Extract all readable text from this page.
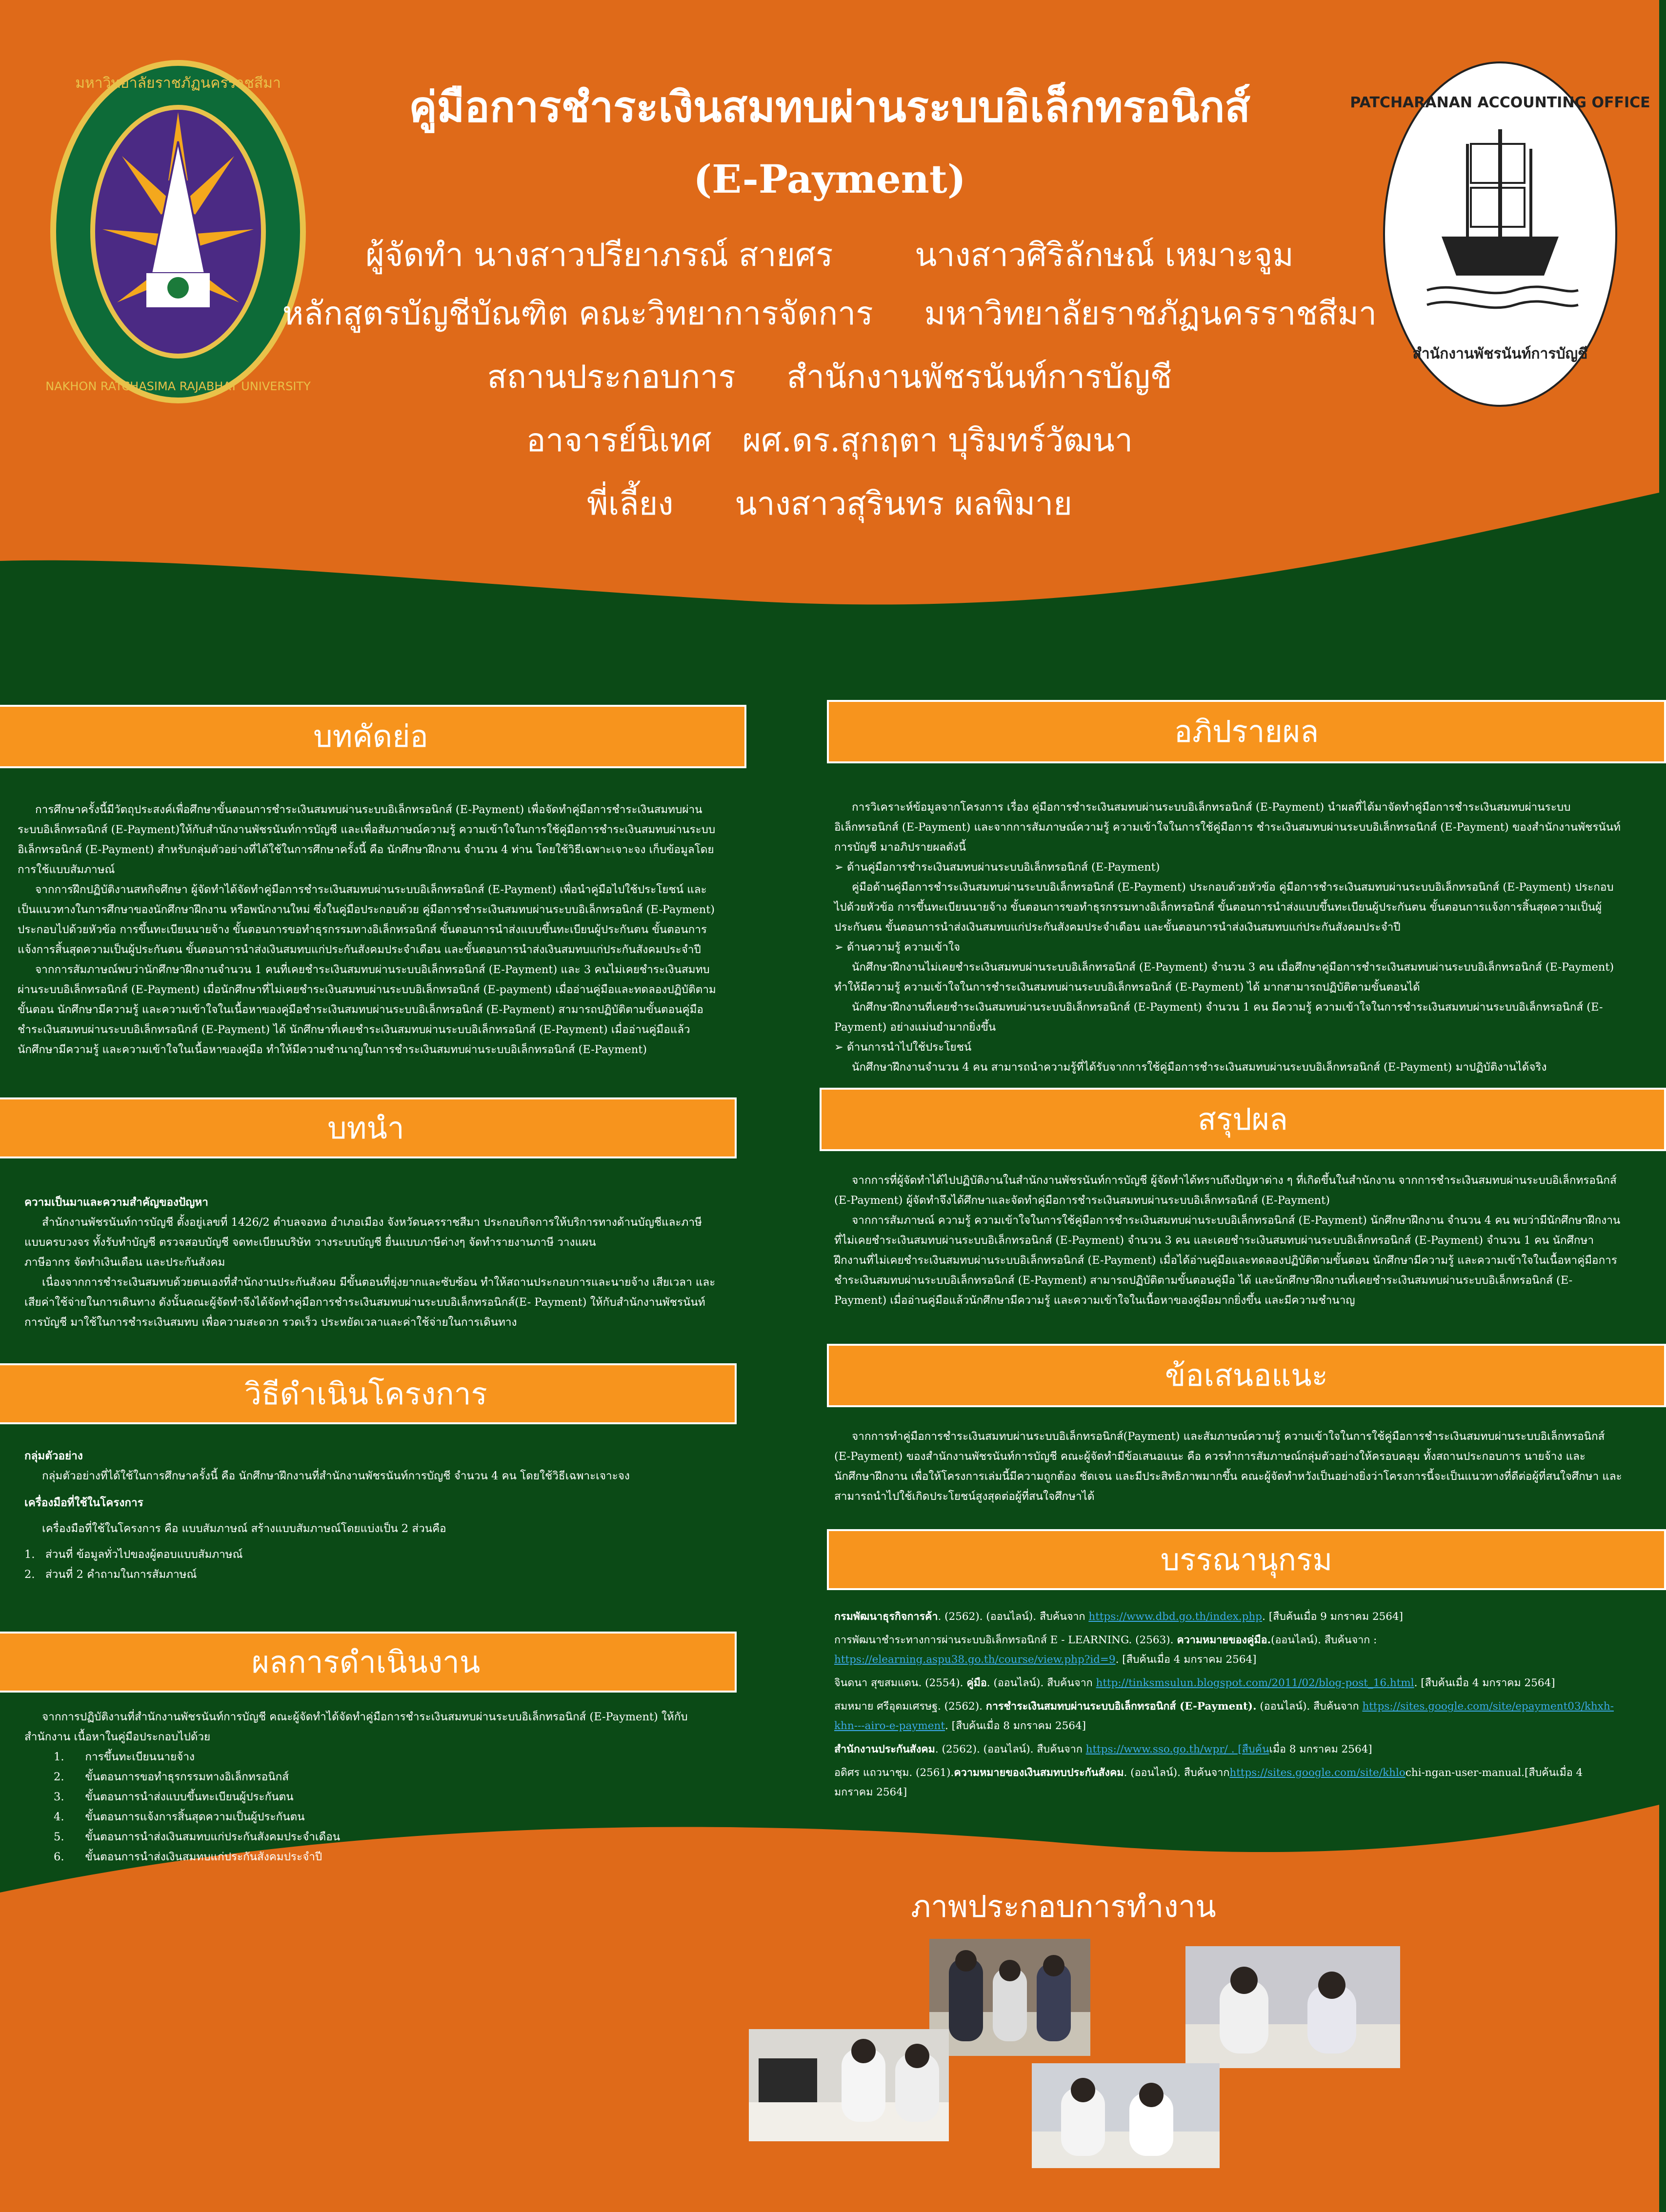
มหาวิทยาลัยราชภัฏนครราชสีมา
NAKHON RATCHASIMA RAJABHAT UNIVERSITY
PATCHARANAN ACCOUNTING OFFICE
สำนักงานพัชรนันท์การบัญชี
คู่มือการชำระเงินสมทบผ่านระบบอิเล็กทรอนิกส์
(E-Payment)
ผู้จัดทำ นางสาวปรียาภรณ์ สายศร        นางสาวศิริลักษณ์ เหมาะจูม
หลักสูตรบัญชีบัณฑิต คณะวิทยาการจัดการ     มหาวิทยาลัยราชภัฏนครราชสีมา
สถานประกอบการ     สำนักงานพัชรนันท์การบัญชี
อาจารย์นิเทศ   ผศ.ดร.สุกฤตา บุริมทร์วัฒนา
พี่เลี้ยง      นางสาวสุรินทร ผลพิมาย
บทคัดย่อ

การศึกษาครั้งนี้มีวัตถุประสงค์เพื่อศึกษาขั้นตอนการชำระเงินสมทบผ่านระบบอิเล็กทรอนิกส์ (E-Payment) เพื่อจัดทำคู่มือการชำระเงินสมทบผ่านระบบอิเล็กทรอนิกส์ (E-Payment)ให้กับสำนักงานพัชรนันท์การบัญชี และเพื่อสัมภาษณ์ความรู้ ความเข้าใจในการใช้คู่มือการชำระเงินสมทบผ่านระบบอิเล็กทรอนิกส์ (E-Payment) สำหรับกลุ่มตัวอย่างที่ได้ใช้ในการศึกษาครั้งนี้ คือ นักศึกษาฝึกงาน จำนวน 4 ท่าน โดยใช้วิธีเฉพาะเจาะจง เก็บข้อมูลโดยการใช้แบบสัมภาษณ์

จากการฝึกปฏิบัติงานสหกิจศึกษา ผู้จัดทำได้จัดทำคู่มือการชำระเงินสมทบผ่านระบบอิเล็กทรอนิกส์ (E-Payment) เพื่อนำคู่มือไปใช้ประโยชน์ และเป็นแนวทางในการศึกษาของนักศึกษาฝึกงาน หรือพนักงานใหม่ ซึ่งในคู่มือประกอบด้วย คู่มือการชำระเงินสมทบผ่านระบบอิเล็กทรอนิกส์ (E-Payment) ประกอบไปด้วยหัวข้อ การขึ้นทะเบียนนายจ้าง ขั้นตอนการขอทำธุรกรรมทางอิเล็กทรอนิกส์ ขั้นตอนการนำส่งแบบขึ้นทะเบียนผู้ประกันตน ขั้นตอนการแจ้งการสิ้นสุดความเป็นผู้ประกันตน ขั้นตอนการนำส่งเงินสมทบแก่ประกันสังคมประจำเดือน และขั้นตอนการนำส่งเงินสมทบแก่ประกันสังคมประจำปี

จากการสัมภาษณ์พบว่านักศึกษาฝึกงานจำนวน 1 คนที่เคยชำระเงินสมทบผ่านระบบอิเล็กทรอนิกส์ (E-Payment) และ 3 คนไม่เคยชำระเงินสมทบผ่านระบบอิเล็กทรอนิกส์ (E-Payment) เมื่อนักศึกษาที่ไม่เคยชำระเงินสมทบผ่านระบบอิเล็กทรอนิกส์ (E-payment) เมื่ออ่านคู่มือและทดลองปฏิบัติตามขั้นตอน นักศึกษามีความรู้ และความเข้าใจในเนื้อหาของคู่มือชำระเงินสมทบผ่านระบบอิเล็กทรอนิกส์ (E-Payment) สามารถปฏิบัติตามขั้นตอนคู่มือชำระเงินสมทบผ่านระบบอิเล็กทรอนิกส์ (E-Payment) ได้ นักศึกษาที่เคยชำระเงินสมทบผ่านระบบอิเล็กทรอนิกส์ (E-Payment) เมื่ออ่านคู่มือแล้วนักศึกษามีความรู้ และความเข้าใจในเนื้อหาของคู่มือ ทำให้มีความชำนาญในการชำระเงินสมทบผ่านระบบอิเล็กทรอนิกส์ (E-Payment)

บทนำ

ความเป็นมาและความสำคัญของปัญหา

สำนักงานพัชรนันท์การบัญชี ตั้งอยู่เลขที่ 1426/2 ตำบลจอหอ อำเภอเมือง จังหวัดนครราชสีมา ประกอบกิจการให้บริการทางด้านบัญชีและภาษีแบบครบวงจร ทั้งรับทำบัญชี ตรวจสอบบัญชี จดทะเบียนบริษัท วางระบบบัญชี ยื่นแบบภาษีต่างๆ จัดทำรายงานภาษี วางแผน

ภาษีอากร จัดทำเงินเดือน และประกันสังคม

เนื่องจากการชำระเงินสมทบด้วยตนเองที่สำนักงานประกันสังคม มีขั้นตอนที่ยุ่งยากและซับซ้อน ทำให้สถานประกอบการและนายจ้าง เสียเวลา และเสียค่าใช้จ่ายในการเดินทาง ดังนั้นคณะผู้จัดทำจึงได้จัดทำคู่มือการชำระเงินสมทบผ่านระบบอิเล็กทรอนิกส์(E- Payment) ให้กับสำนักงานพัชรนันท์การบัญชี มาใช้ในการชำระเงินสมทบ เพื่อความสะดวก รวดเร็ว ประหยัดเวลาและค่าใช้จ่ายในการเดินทาง

วิธีดำเนินโครงการ

กลุ่มตัวอย่าง

กลุ่มตัวอย่างที่ได้ใช้ในการศึกษาครั้งนี้ คือ นักศึกษาฝึกงานที่สำนักงานพัชรนันท์การบัญชี จำนวน 4 คน โดยใช้วิธีเฉพาะเจาะจง

เครื่องมือที่ใช้ในโครงการ

เครื่องมือที่ใช้ในโครงการ คือ แบบสัมภาษณ์ สร้างแบบสัมภาษณ์โดยแบ่งเป็น 2 ส่วนคือ

1.   ส่วนที่ ข้อมูลทั่วไปของผู้ตอบแบบสัมภาษณ์

2.   ส่วนที่ 2 คำถามในการสัมภาษณ์

ผลการดำเนินงาน

จากการปฏิบัติงานที่สำนักงานพัชรนันท์การบัญชี คณะผู้จัดทำได้จัดทำคู่มือการชำระเงินสมทบผ่านระบบอิเล็กทรอนิกส์ (E-Payment) ให้กับสำนักงาน เนื้อหาในคู่มือประกอบไปด้วย

1.      การขึ้นทะเบียนนายจ้าง

2.      ขั้นตอนการขอทำธุรกรรมทางอิเล็กทรอนิกส์

3.      ขั้นตอนการนำส่งแบบขึ้นทะเบียนผู้ประกันตน

4.      ขั้นตอนการแจ้งการสิ้นสุดความเป็นผู้ประกันตน

5.      ขั้นตอนการนำส่งเงินสมทบแก่ประกันสังคมประจำเดือน

6.      ขั้นตอนการนำส่งเงินสมทบแก่ประกันสังคมประจำปี

อภิปรายผล

การวิเคราะห์ข้อมูลจากโครงการ เรื่อง คู่มือการชำระเงินสมทบผ่านระบบอิเล็กทรอนิกส์ (E-Payment) นำผลที่ได้มาจัดทำคู่มือการชำระเงินสมทบผ่านระบบอิเล็กทรอนิกส์ (E-Payment) และจากการสัมภาษณ์ความรู้ ความเข้าใจในการใช้คู่มือการ ชำระเงินสมทบผ่านระบบอิเล็กทรอนิกส์ (E-Payment) ของสำนักงานพัชรนันท์การบัญชี มาอภิปรายผลดังนี้

➢ ด้านคู่มือการชำระเงินสมทบผ่านระบบอิเล็กทรอนิกส์ (E-Payment)

คู่มือด้านคู่มือการชำระเงินสมทบผ่านระบบอิเล็กทรอนิกส์ (E-Payment) ประกอบด้วยหัวข้อ คู่มือการชำระเงินสมทบผ่านระบบอิเล็กทรอนิกส์ (E-Payment) ประกอบไปด้วยหัวข้อ การขึ้นทะเบียนนายจ้าง ขั้นตอนการขอทำธุรกรรมทางอิเล็กทรอนิกส์ ขั้นตอนการนำส่งแบบขึ้นทะเบียนผู้ประกันตน ขั้นตอนการแจ้งการสิ้นสุดความเป็นผู้ประกันตน ขั้นตอนการนำส่งเงินสมทบแก่ประกันสังคมประจำเดือน และขั้นตอนการนำส่งเงินสมทบแก่ประกันสังคมประจำปี

➢ ด้านความรู้ ความเข้าใจ

นักศึกษาฝึกงานไม่เคยชำระเงินสมทบผ่านระบบอิเล็กทรอนิกส์ (E-Payment) จำนวน 3 คน เมื่อศึกษาคู่มือการชำระเงินสมทบผ่านระบบอิเล็กทรอนิกส์ (E-Payment) ทำให้มีความรู้ ความเข้าใจในการชำระเงินสมทบผ่านระบบอิเล็กทรอนิกส์ (E-Payment) ได้ มากสามารถปฏิบัติตามขั้นตอนได้

นักศึกษาฝึกงานที่เคยชำระเงินสมทบผ่านระบบอิเล็กทรอนิกส์ (E-Payment) จำนวน 1 คน มีความรู้ ความเข้าใจในการชำระเงินสมทบผ่านระบบอิเล็กทรอนิกส์ (E-Payment) อย่างแม่นยำมากยิ่งขึ้น

➢ ด้านการนำไปใช้ประโยชน์

นักศึกษาฝึกงานจำนวน 4 คน สามารถนำความรู้ที่ได้รับจากการใช้คู่มือการชำระเงินสมทบผ่านระบบอิเล็กทรอนิกส์ (E-Payment) มาปฏิบัติงานได้จริง

สรุปผล

จากการที่ผู้จัดทำได้ไปปฏิบัติงานในสำนักงานพัชรนันท์การบัญชี ผู้จัดทำได้ทราบถึงปัญหาต่าง ๆ ที่เกิดขึ้นในสำนักงาน จากการชำระเงินสมทบผ่านระบบอิเล็กทรอนิกส์ (E-Payment) ผู้จัดทำจึงได้ศึกษาและจัดทำคู่มือการชำระเงินสมทบผ่านระบบอิเล็กทรอนิกส์ (E-Payment)

จากการสัมภาษณ์ ความรู้ ความเข้าใจในการใช้คู่มือการชำระเงินสมทบผ่านระบบอิเล็กทรอนิกส์ (E-Payment) นักศึกษาฝึกงาน จำนวน 4 คน พบว่ามีนักศึกษาฝึกงานที่ไม่เคยชำระเงินสมทบผ่านระบบอิเล็กทรอนิกส์ (E-Payment) จำนวน 3 คน และเคยชำระเงินสมทบผ่านระบบอิเล็กทรอนิกส์ (E-Payment) จำนวน 1 คน นักศึกษาฝึกงานที่ไม่เคยชำระเงินสมทบผ่านระบบอิเล็กทรอนิกส์ (E-Payment) เมื่อได้อ่านคู่มือและทดลองปฏิบัติตามขั้นตอน นักศึกษามีความรู้ และความเข้าใจในเนื้อหาคู่มือการชำระเงินสมทบผ่านระบบอิเล็กทรอนิกส์ (E-Payment) สามารถปฏิบัติตามขั้นตอนคู่มือ ได้ และนักศึกษาฝึกงานที่เคยชำระเงินสมทบผ่านระบบอิเล็กทรอนิกส์ (E-Payment) เมื่ออ่านคู่มือแล้วนักศึกษามีความรู้ และความเข้าใจในเนื้อหาของคู่มือมากยิ่งขึ้น และมีความชำนาญ

ข้อเสนอแนะ

จากการทำคู่มือการชำระเงินสมทบผ่านระบบอิเล็กทรอนิกส์(Payment) และสัมภาษณ์ความรู้ ความเข้าใจในการใช้คู่มือการชำระเงินสมทบผ่านระบบอิเล็กทรอนิกส์ (E-Payment) ของสำนักงานพัชรนันท์การบัญชี คณะผู้จัดทำมีข้อเสนอแนะ คือ ควรทำการสัมภาษณ์กลุ่มตัวอย่างให้ครอบคลุม ทั้งสถานประกอบการ นายจ้าง และนักศึกษาฝึกงาน เพื่อให้โครงการเล่มนี้มีความถูกต้อง ชัดเจน และมีประสิทธิภาพมากขึ้น คณะผู้จัดทำหวังเป็นอย่างยิ่งว่าโครงการนี้จะเป็นแนวทางที่ดีต่อผู้ที่สนใจศึกษา และสามารถนำไปใช้เกิดประโยชน์สูงสุดต่อผู้ที่สนใจศึกษาได้

บรรณานุกรม

กรมพัฒนาธุรกิจการค้า. (2562). (ออนไลน์). สืบค้นจาก https://www.dbd.go.th/index.php. [สืบค้นเมื่อ 9 มกราคม 2564]

การพัฒนาชำระทางการผ่านระบบอิเล็กทรอนิกส์ E - LEARNING. (2563). ความหมายของคู่มือ.(ออนไลน์). สืบค้นจาก : https://elearning.aspu38.go.th/course/view.php?id=9. [สืบค้นเมื่อ 4 มกราคม 2564]

จินดนา สุขสมแดน. (2554). คู่มือ. (ออนไลน์). สืบค้นจาก http://tinksmsulun.blogspot.com/2011/02/blog-post_16.html. [สืบค้นเมื่อ 4 มกราคม 2564]

สมหมาย ศรีอุดมเศรษฐ. (2562). การชำระเงินสมทบผ่านระบบอิเล็กทรอนิกส์ (E-Payment). (ออนไลน์). สืบค้นจาก https://sites.google.com/site/epayment03/khxh-khn---airo-e-payment. [สืบค้นเมื่อ 8 มกราคม 2564]

สำนักงานประกันสังคม. (2562). (ออนไลน์). สืบค้นจาก https://www.sso.go.th/wpr/ . [สืบค้นเมื่อ 8 มกราคม 2564]

อดิศร แถวนาชุม. (2561).ความหมายของเงินสมทบประกันสังคม. (ออนไลน์). สืบค้นจากhttps://sites.google.com/site/khlochi-ngan-user-manual.[สืบค้นเมื่อ 4 มกราคม 2564]

ภาพประกอบการทำงาน
